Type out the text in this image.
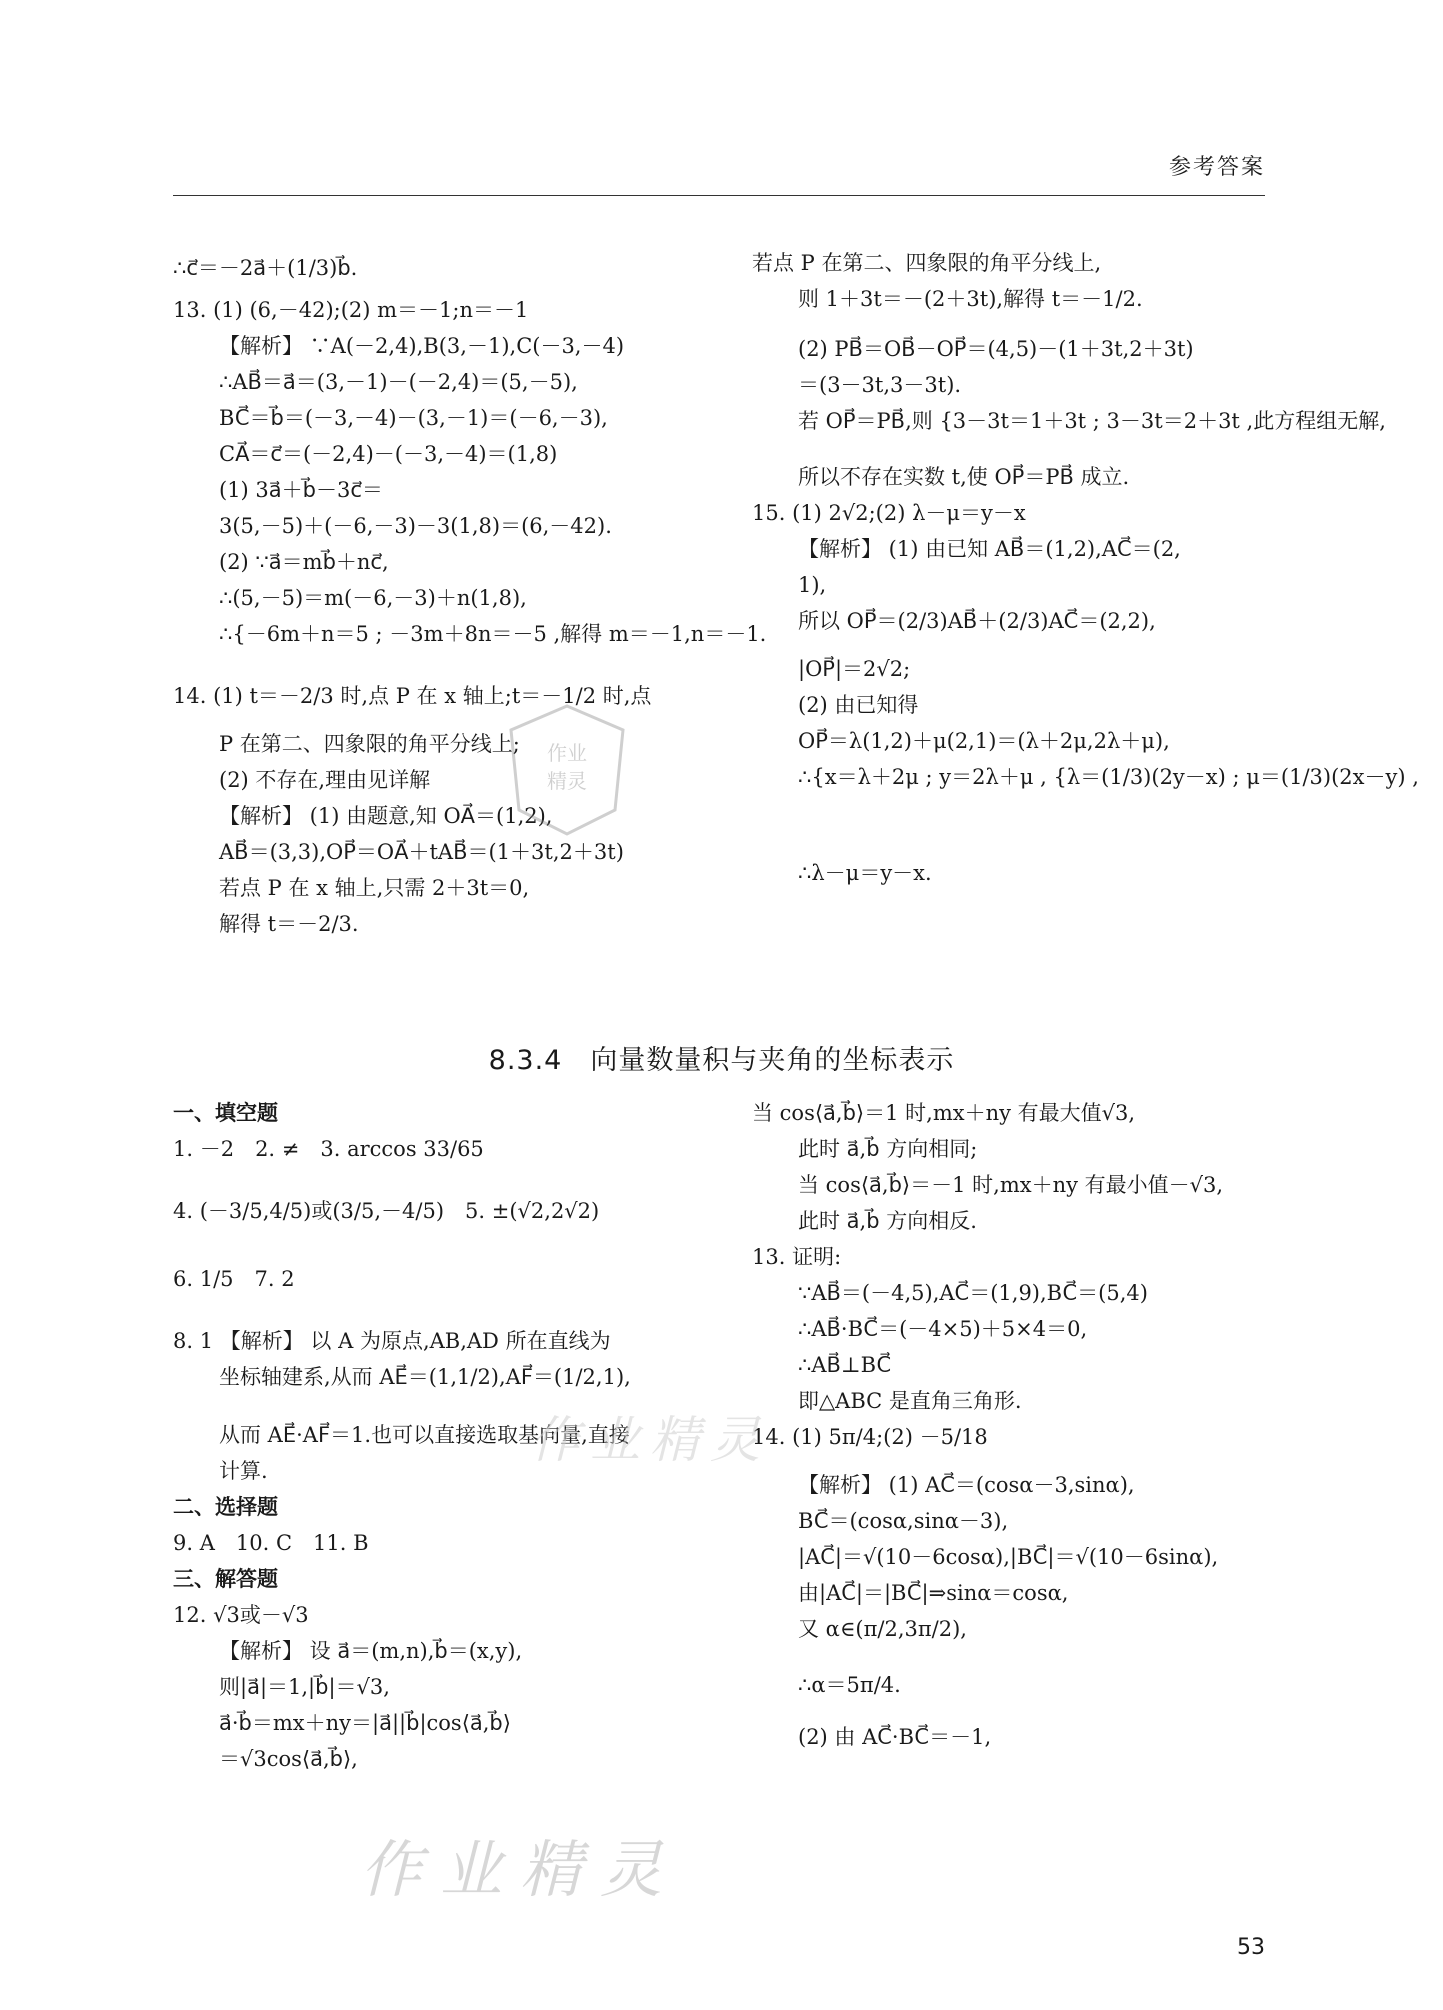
参考答案
∴c⃗＝－2a⃗＋(1/3)b⃗.
13. (1) (6,－42);(2) m＝－1;n＝－1
【解析】 ∵A(－2,4),B(3,－1),C(－3,－4)
∴AB⃗＝a⃗＝(3,－1)－(－2,4)＝(5,－5),
BC⃗＝b⃗＝(－3,－4)－(3,－1)＝(－6,－3),
CA⃗＝c⃗＝(－2,4)－(－3,－4)＝(1,8)
(1) 3a⃗＋b⃗－3c⃗＝
3(5,－5)＋(－6,－3)－3(1,8)＝(6,－42).
(2) ∵a⃗＝mb⃗＋nc⃗,
∴(5,－5)＝m(－6,－3)＋n(1,8),
∴{－6m＋n＝5 ; －3m＋8n＝－5 ,解得 m＝－1,n＝－1.
14. (1) t＝－2/3 时,点 P 在 x 轴上;t＝－1/2 时,点
P 在第二、四象限的角平分线上;
(2) 不存在,理由见详解
【解析】 (1) 由题意,知 OA⃗＝(1,2),
AB⃗＝(3,3),OP⃗＝OA⃗＋tAB⃗＝(1＋3t,2＋3t)
若点 P 在 x 轴上,只需 2＋3t＝0,
解得 t＝－2/3.
若点 P 在第二、四象限的角平分线上,
则 1＋3t＝－(2＋3t),解得 t＝－1/2.
(2) PB⃗＝OB⃗－OP⃗＝(4,5)－(1＋3t,2＋3t)
＝(3－3t,3－3t).
若 OP⃗＝PB⃗,则 {3－3t＝1＋3t ; 3－3t＝2＋3t ,此方程组无解,
所以不存在实数 t,使 OP⃗＝PB⃗ 成立.
15. (1) 2√2;(2) λ－μ＝y－x
【解析】 (1) 由已知 AB⃗＝(1,2),AC⃗＝(2,
1),
所以 OP⃗＝(2/3)AB⃗＋(2/3)AC⃗＝(2,2),
|OP⃗|＝2√2;
(2) 由已知得
OP⃗＝λ(1,2)＋μ(2,1)＝(λ＋2μ,2λ＋μ),
∴{x＝λ＋2μ ; y＝2λ＋μ , {λ＝(1/3)(2y－x) ; μ＝(1/3)(2x－y) ,
∴λ－μ＝y－x.
8.3.4　向量数量积与夹角的坐标表示
一、填空题
1. －2　2. ≠　3. arccos 33/65
4. (－3/5,4/5)或(3/5,－4/5)　5. ±(√2,2√2)
6. 1/5　7. 2
8. 1 【解析】 以 A 为原点,AB,AD 所在直线为
坐标轴建系,从而 AE⃗＝(1,1/2),AF⃗＝(1/2,1),
从而 AE⃗·AF⃗＝1.也可以直接选取基向量,直接
计算.
二、选择题
9. A　10. C　11. B
三、解答题
12. √3或－√3
【解析】 设 a⃗＝(m,n),b⃗＝(x,y),
则|a⃗|＝1,|b⃗|＝√3,
a⃗·b⃗＝mx＋ny＝|a⃗||b⃗|cos⟨a⃗,b⃗⟩
＝√3cos⟨a⃗,b⃗⟩,
当 cos⟨a⃗,b⃗⟩＝1 时,mx＋ny 有最大值√3,
此时 a⃗,b⃗ 方向相同;
当 cos⟨a⃗,b⃗⟩＝－1 时,mx＋ny 有最小值－√3,
此时 a⃗,b⃗ 方向相反.
13. 证明:
∵AB⃗＝(－4,5),AC⃗＝(1,9),BC⃗＝(5,4)
∴AB⃗·BC⃗＝(－4×5)＋5×4＝0,
∴AB⃗⊥BC⃗
即△ABC 是直角三角形.
14. (1) 5π/4;(2) －5/18
【解析】 (1) AC⃗＝(cosα－3,sinα),
BC⃗＝(cosα,sinα－3),
|AC⃗|＝√(10－6cosα),|BC⃗|＝√(10－6sinα),
由|AC⃗|＝|BC⃗|⇒sinα＝cosα,
又 α∈(π/2,3π/2),
∴α＝5π/4.
(2) 由 AC⃗·BC⃗＝－1,
53
作业
精灵
作业精灵
作业精灵
